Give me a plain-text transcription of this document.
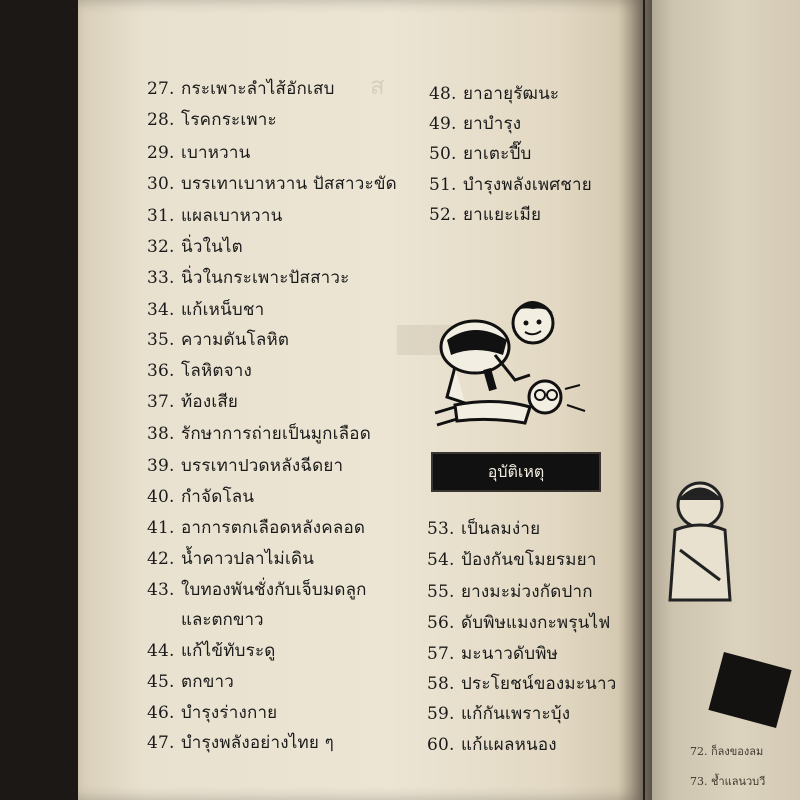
ส
27. กระเพาะลำไส้อักเสบ
28. โรคกระเพาะ
29. เบาหวาน
30. บรรเทาเบาหวาน ปัสสาวะขัด
31. แผลเบาหวาน
32. นิ่วในไต
33. นิ่วในกระเพาะปัสสาวะ
34. แก้เหน็บชา
35. ความดันโลหิต
36. โลหิตจาง
37. ท้องเสีย
38. รักษาการถ่ายเป็นมูกเลือด
39. บรรเทาปวดหลังฉีดยา
40. กำจัดโลน
41. อาการตกเลือดหลังคลอด
42. น้ำคาวปลาไม่เดิน
43. ใบทองพันชั่งกับเจ็บมดลูก
และตกขาว
44. แก้ไข้ทับระดู
45. ตกขาว
46. บำรุงร่างกาย
47. บำรุงพลังอย่างไทย ๆ
48. ยาอายุรัฒนะ
49. ยาบำรุง
50. ยาเตะปี๊บ
51. บำรุงพลังเพศชาย
52. ยาแยะเมีย
อุบัติเหตุ
53. เป็นลมง่าย
54. ป้องกันขโมยรมยา
55. ยางมะม่วงกัดปาก
56. ดับพิษแมงกะพรุนไฟ
57. มะนาวดับพิษ
58. ประโยชน์ของมะนาว
59. แก้กันเพราะบุ้ง
60. แก้แผลหนอง	72. ก็ลงของลม
73. ช้ำแลนวบวี
